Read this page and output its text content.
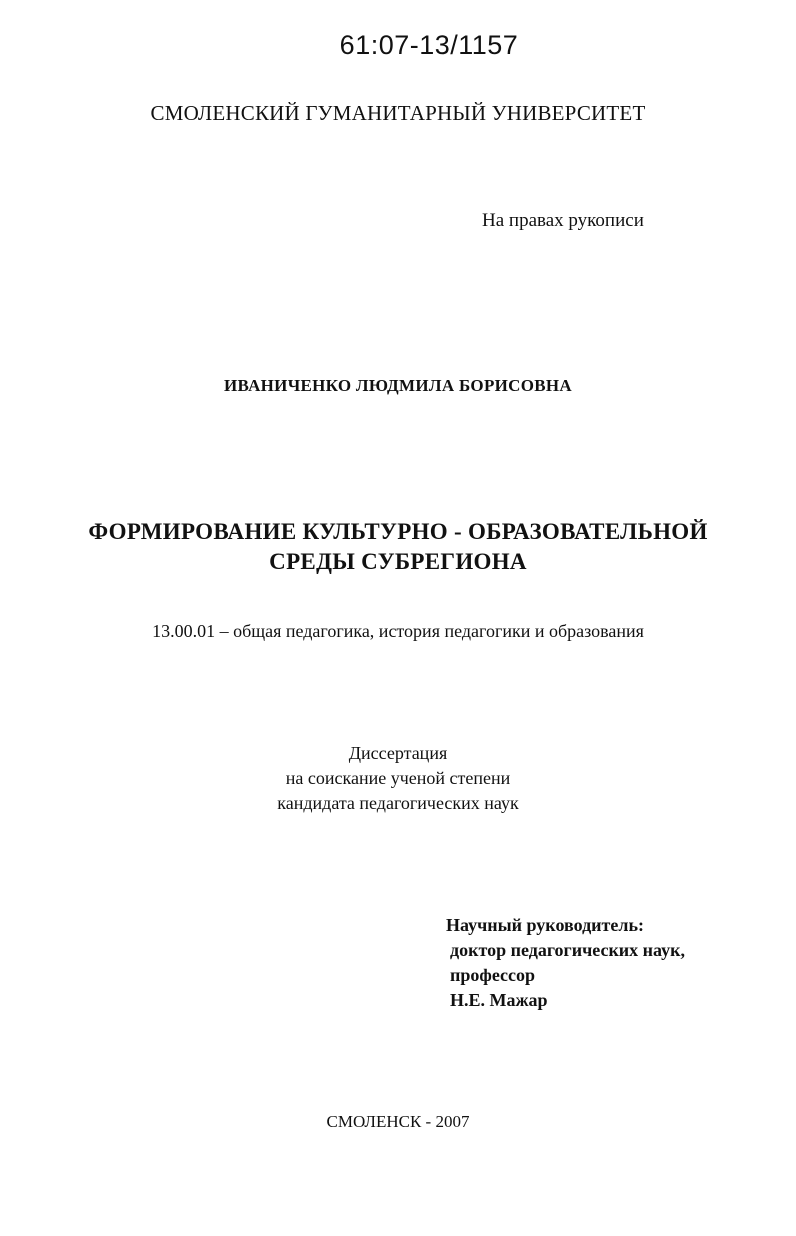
61:07-13/1157
СМОЛЕНСКИЙ ГУМАНИТАРНЫЙ УНИВЕРСИТЕТ
На правах рукописи
ИВАНИЧЕНКО ЛЮДМИЛА БОРИСОВНА
ФОРМИРОВАНИЕ КУЛЬТУРНО - ОБРАЗОВАТЕЛЬНОЙ
СРЕДЫ СУБРЕГИОНА
13.00.01 – общая педагогика, история педагогики и образования
Диссертация
на соискание ученой степени
кандидата педагогических наук
Научный руководитель:
доктор педагогических наук,
профессор
Н.Е. Мажар
СМОЛЕНСК - 2007
